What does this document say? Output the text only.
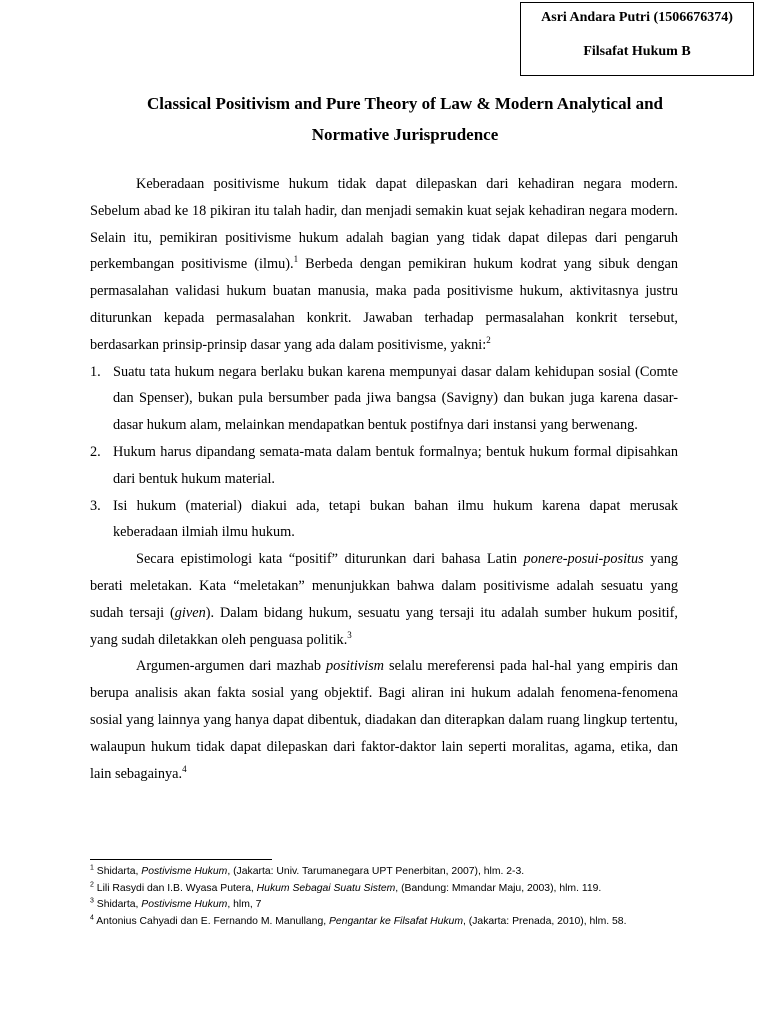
Asri Andara Putri (1506676374)
Filsafat Hukum B
Classical Positivism and Pure Theory of Law & Modern Analytical and
Normative Jurisprudence

Keberadaan positivisme hukum tidak dapat dilepaskan dari kehadiran negara modern. Sebelum abad ke 18 pikiran itu talah hadir, dan menjadi semakin kuat sejak kehadiran negara modern. Selain itu, pemikiran positivisme hukum adalah bagian yang tidak dapat dilepas dari pengaruh perkembangan positivisme (ilmu).$^1$ Berbeda dengan pemikiran hukum kodrat yang sibuk dengan permasalahan validasi hukum buatan manusia, maka pada positivisme hukum, aktivitasnya justru diturunkan kepada permasalahan konkrit. Jawaban terhadap permasalahan konkrit tersebut, berdasarkan prinsip-prinsip dasar yang ada dalam positivisme, yakni:$^2$

1. Suatu tata hukum negara berlaku bukan karena mempunyai dasar dalam kehidupan sosial (Comte dan Spenser), bukan pula bersumber pada jiwa bangsa (Savigny) dan bukan juga karena dasar-dasar hukum alam, melainkan mendapatkan bentuk postifnya dari instansi yang berwenang.
2. Hukum harus dipandang semata-mata dalam bentuk formalnya; bentuk hukum formal dipisahkan dari bentuk hukum material.
3. Isi hukum (material) diakui ada, tetapi bukan bahan ilmu hukum karena dapat merusak keberadaan ilmiah ilmu hukum.

Secara epistimologi kata “positif” diturunkan dari bahasa Latin ponere-posui-positus yang berati meletakan. Kata “meletakan” menunjukkan bahwa dalam positivisme adalah sesuatu yang sudah tersaji (given). Dalam bidang hukum, sesuatu yang tersaji itu adalah sumber hukum positif, yang sudah diletakkan oleh penguasa politik.$^3$

Argumen-argumen dari mazhab positivism selalu mereferensi pada hal-hal yang empiris dan berupa analisis akan fakta sosial yang objektif. Bagi aliran ini hukum adalah fenomena-fenomena sosial yang lainnya yang hanya dapat dibentuk, diadakan dan diterapkan dalam ruang lingkup tertentu, walaupun hukum tidak dapat dilepaskan dari faktor-daktor lain seperti moralitas, agama, etika, dan lain sebagainya.$^4$

$^1$ Shidarta, Postivisme Hukum, (Jakarta: Univ. Tarumanegara UPT Penerbitan, 2007), hlm. 2-3.
$^2$ Lili Rasydi dan I.B. Wyasa Putera, Hukum Sebagai Suatu Sistem, (Bandung: Mmandar Maju, 2003), hlm. 119.
$^3$ Shidarta, Postivisme Hukum, hlm, 7
$^4$ Antonius Cahyadi dan E. Fernando M. Manullang, Pengantar ke Filsafat Hukum, (Jakarta: Prenada, 2010), hlm. 58.
